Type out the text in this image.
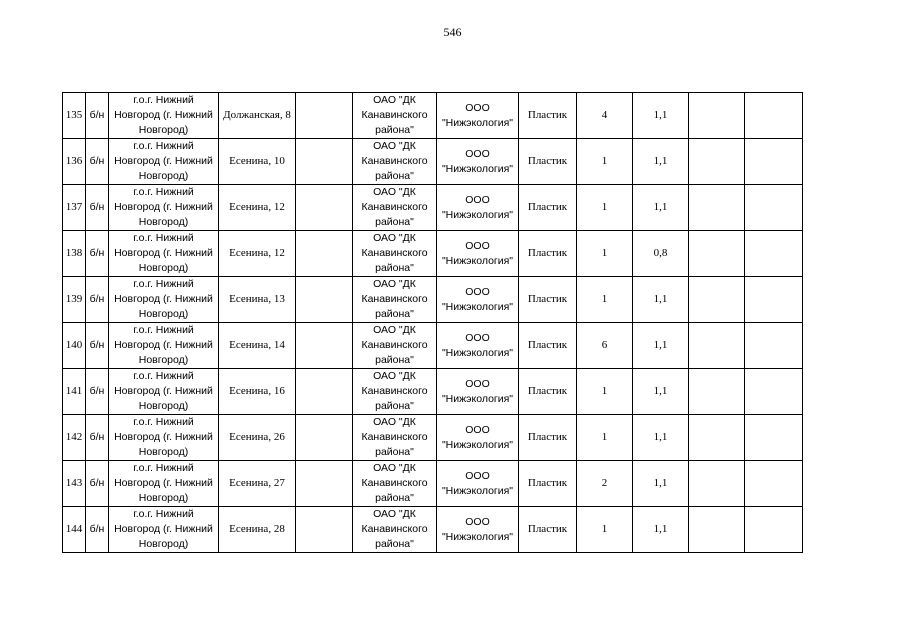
546
135	б/н	г.о.г. Нижний Новгород (г. Нижний Новгород)	Должанская, 8		ОАО "ДК Канавинского района"	ООО "Нижэкология"	Пластик	4	1,1		
136	б/н	г.о.г. Нижний Новгород (г. Нижний Новгород)	Есенина, 10		ОАО "ДК Канавинского района"	ООО "Нижэкология"	Пластик	1	1,1		
137	б/н	г.о.г. Нижний Новгород (г. Нижний Новгород)	Есенина, 12		ОАО "ДК Канавинского района"	ООО "Нижэкология"	Пластик	1	1,1		
138	б/н	г.о.г. Нижний Новгород (г. Нижний Новгород)	Есенина, 12		ОАО "ДК Канавинского района"	ООО "Нижэкология"	Пластик	1	0,8		
139	б/н	г.о.г. Нижний Новгород (г. Нижний Новгород)	Есенина, 13		ОАО "ДК Канавинского района"	ООО "Нижэкология"	Пластик	1	1,1		
140	б/н	г.о.г. Нижний Новгород (г. Нижний Новгород)	Есенина, 14		ОАО "ДК Канавинского района"	ООО "Нижэкология"	Пластик	6	1,1		
141	б/н	г.о.г. Нижний Новгород (г. Нижний Новгород)	Есенина, 16		ОАО "ДК Канавинского района"	ООО "Нижэкология"	Пластик	1	1,1		
142	б/н	г.о.г. Нижний Новгород (г. Нижний Новгород)	Есенина, 26		ОАО "ДК Канавинского района"	ООО "Нижэкология"	Пластик	1	1,1		
143	б/н	г.о.г. Нижний Новгород (г. Нижний Новгород)	Есенина, 27		ОАО "ДК Канавинского района"	ООО "Нижэкология"	Пластик	2	1,1		
144	б/н	г.о.г. Нижний Новгород (г. Нижний Новгород)	Есенина, 28		ОАО "ДК Канавинского района"	ООО "Нижэкология"	Пластик	1	1,1		
